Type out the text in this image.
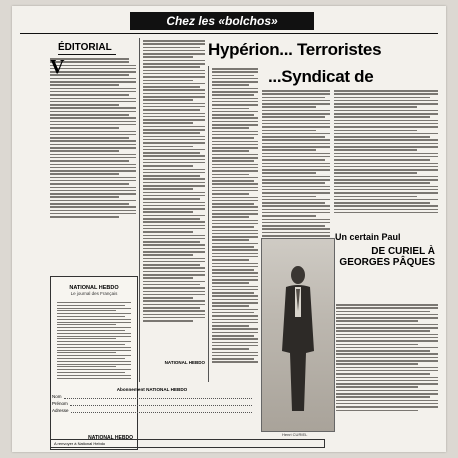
Chez les «bolchos»
ÉDITORIAL
V
NATIONAL HEBDO
Le journal des Français
NATIONAL HEBDO
NATIONAL HEBDO
Hypérion... Terroristes
...Syndicat de
Un certain Paul
Henri CURIEL
DE CURIEL À GEORGES PÂQUES
Abonnement NATIONAL HEBDO
Nom
Prénom
Adresse
A renvoyer à National Hebdo
